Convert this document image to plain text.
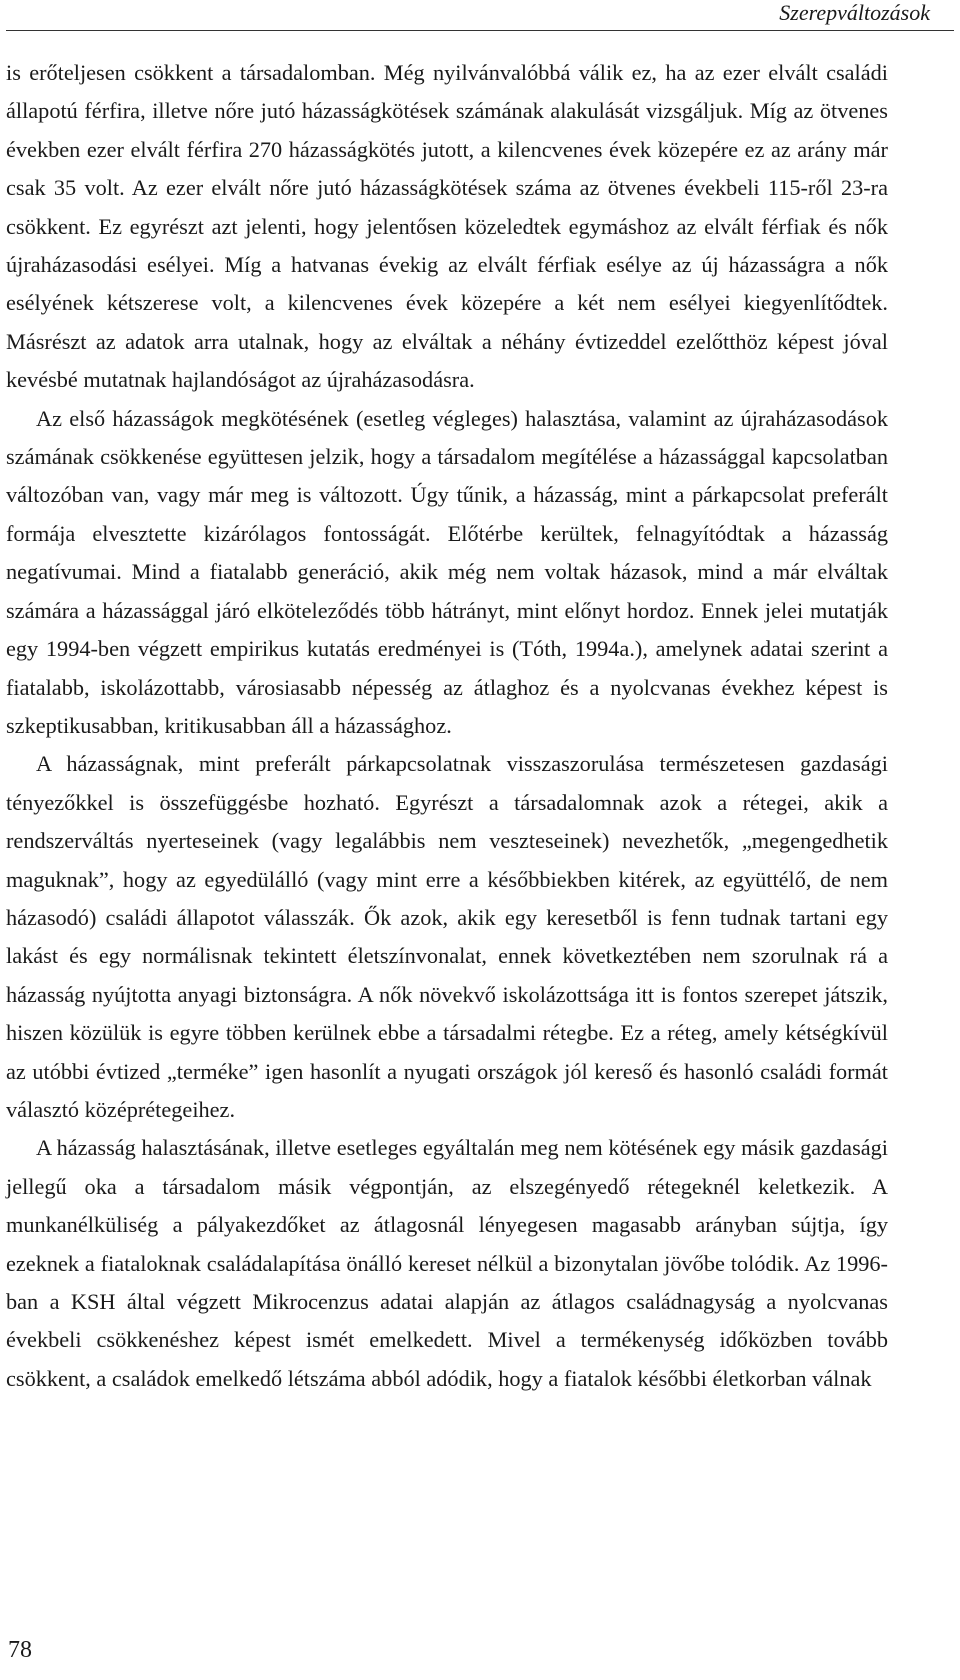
Szerepváltozások

is erőteljesen csökkent a társadalomban. Még nyilvánvalóbbá válik ez, ha az ezer elvált családi állapotú férfira, illetve nőre jutó házasságkötések számának alakulását vizsgáljuk. Míg az ötvenes években ezer elvált férfira 270 házasságkötés jutott, a kilencvenes évek közepére ez az arány már csak 35 volt. Az ezer elvált nőre jutó házasságkötések száma az ötvenes évekbeli 115-ről 23-ra csökkent. Ez egyrészt azt jelenti, hogy jelentősen közeledtek egymáshoz az elvált férfiak és nők újraházasodási esélyei. Míg a hatvanas évekig az elvált férfiak esélye az új házasságra a nők esélyének kétszerese volt, a kilencvenes évek közepére a két nem esélyei kiegyenlítődtek. Másrészt az adatok arra utalnak, hogy az elváltak a néhány évtizeddel ezelőtthöz képest jóval kevésbé mutatnak hajlandóságot az újraházasodásra.

Az első házasságok megkötésének (esetleg végleges) halasztása, valamint az újraházasodások számának csökkenése együttesen jelzik, hogy a társadalom megítélése a házassággal kapcsolatban változóban van, vagy már meg is változott. Úgy tűnik, a házasság, mint a párkapcsolat preferált formája elvesztette kizárólagos fontosságát. Előtérbe kerültek, felnagyítódtak a házasság negatívumai. Mind a fiatalabb generáció, akik még nem voltak házasok, mind a már elváltak számára a házassággal járó elköteleződés több hátrányt, mint előnyt hordoz. Ennek jelei mutatják egy 1994-ben végzett empirikus kutatás eredményei is (Tóth, 1994a.), amelynek adatai szerint a fiatalabb, iskolázottabb, városiasabb népesség az átlaghoz és a nyolcvanas évekhez képest is szkeptikusabban, kritikusabban áll a házassághoz.

A házasságnak, mint preferált párkapcsolatnak visszaszorulása természetesen gazdasági tényezőkkel is összefüggésbe hozható. Egyrészt a társadalomnak azok a rétegei, akik a rendszerváltás nyerteseinek (vagy legalábbis nem veszteseinek) nevezhetők, „megengedhetik maguknak”, hogy az egyedülálló (vagy mint erre a későbbiekben kitérek, az együttélő, de nem házasodó) családi állapotot válasszák. Ők azok, akik egy keresetből is fenn tudnak tartani egy lakást és egy normálisnak tekintett életszínvonalat, ennek következtében nem szorulnak rá a házasság nyújtotta anyagi biztonságra. A nők növekvő iskolázottsága itt is fontos szerepet játszik, hiszen közülük is egyre többen kerülnek ebbe a társadalmi rétegbe. Ez a réteg, amely kétségkívül az utóbbi évtized „terméke” igen hasonlít a nyugati országok jól kereső és hasonló családi formát választó középrétegeihez.

A házasság halasztásának, illetve esetleges egyáltalán meg nem kötésének egy másik gazdasági jellegű oka a társadalom másik végpontján, az elszegényedő rétegeknél keletkezik. A munkanélküliség a pályakezdőket az átlagosnál lényegesen magasabb arányban sújtja, így ezeknek a fiataloknak családalapítása önálló kereset nélkül a bizonytalan jövőbe tolódik. Az 1996-ban a KSH által végzett Mikrocenzus adatai alapján az átlagos családnagyság a nyolcvanas évekbeli csökkenéshez képest ismét emelkedett. Mivel a termékenység időközben tovább csökkent, a családok emelkedő létszáma abból adódik, hogy a fiatalok későbbi életkorban válnak

78
